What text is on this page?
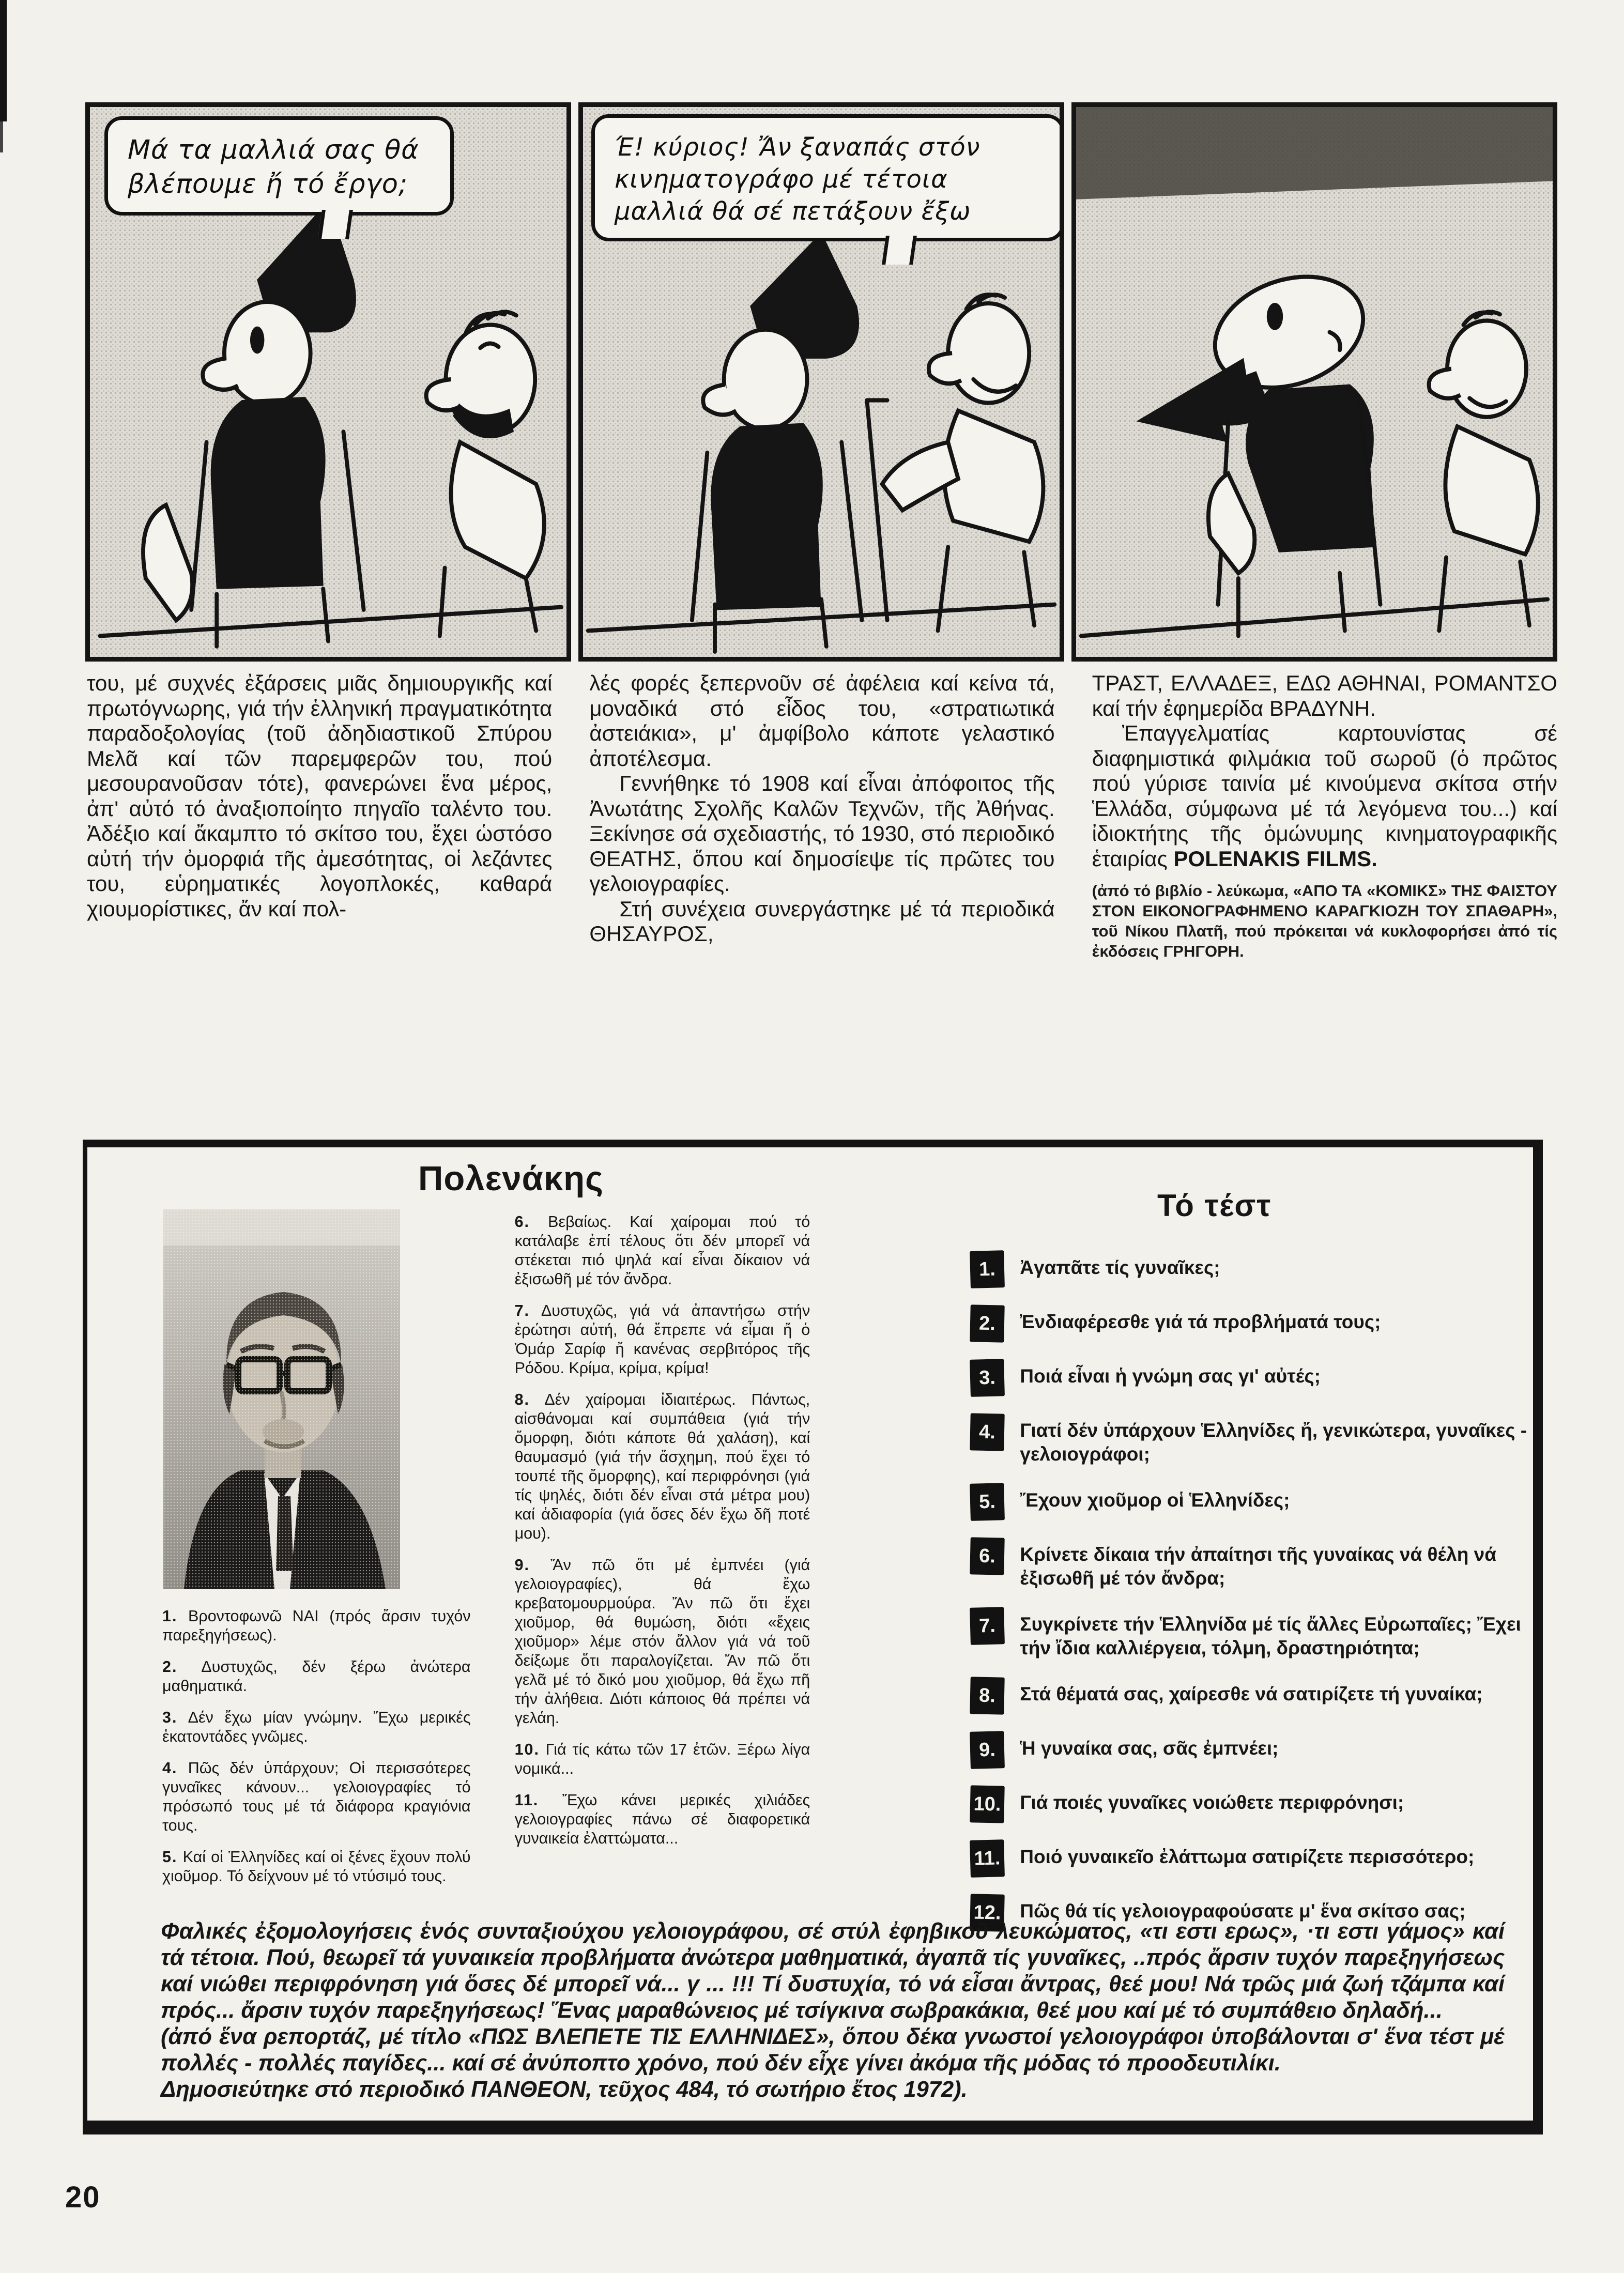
Μά τα μαλλιά σας θά βλέπουμε ἤ τό ἔργο;
Έ! κύριος! Ἄν ξαναπάς στόν κινηματογράφο μέ τέτοια μαλλιά θά σέ πετάξουν ἔξω

του, μέ συχνές ἐξάρσεις μιᾶς δημιουργικῆς καί πρωτόγνωρης, γιά τήν ἑλληνική πραγματικότητα παραδοξολογίας (τοῦ ἀδηδιαστικοῦ Σπύρου Μελᾶ καί τῶν παρεμφερῶν του, πού μεσουρανοῦσαν τότε), φανερώνει ἕνα μέρος, ἀπ' αὐτό τό ἀναξιοποίητο πηγαῖο ταλέντο του. Ἀδέξιο καί ἄκαμπτο τό σκίτσο του, ἔχει ὡστόσο αὐτή τήν ὀμορφιά τῆς ἀμεσότητας, οἱ λεζάντες του, εὑρηματικές λογοπλοκές, καθαρά χιουμορίστικες, ἄν καί πολ-

λές φορές ξεπερνοῦν σέ ἀφέλεια καί κείνα τά, μοναδικά στό εἶδος του, «στρατιωτικά ἀστειάκια», μ' ἀμφίβολο κάποτε γελαστικό ἀποτέλεσμα.

Γεννήθηκε τό 1908 καί εἶναι ἀπόφοιτος τῆς Ἀνωτάτης Σχολῆς Καλῶν Τεχνῶν, τῆς Ἀθήνας. Ξεκίνησε σά σχεδιαστής, τό 1930, στό περιοδικό ΘΕΑΤΗΣ, ὅπου καί δημοσίεψε τίς πρῶτες του γελοιογραφίες.

Στή συνέχεια συνεργάστηκε μέ τά περιοδικά ΘΗΣΑΥΡΟΣ,

ΤΡΑΣΤ, ΕΛΛΑΔΕΞ, ΕΔΩ ΑΘΗΝΑΙ, ΡΟΜΑΝΤΣΟ καί τήν ἐφημερίδα ΒΡΑΔΥΝΗ.

Ἐπαγγελματίας καρτουνίστας σέ διαφημιστικά φιλμάκια τοῦ σωροῦ (ὁ πρῶτος πού γύρισε ταινία μέ κινούμενα σκίτσα στήν Ἑλλάδα, σύμφωνα μέ τά λεγόμενα του...) καί ἰδιοκτήτης τῆς ὁμώνυμης κινηματογραφικῆς ἑταιρίας POLENAKIS FILMS.

(ἀπό τό βιβλίο - λεύκωμα, «ΑΠΟ ΤΑ «ΚΟΜΙΚΣ» ΤΗΣ ΦΑΙΣΤΟΥ ΣΤΟΝ ΕΙΚΟΝΟΓΡΑΦΗΜΕΝΟ ΚΑΡΑΓΚΙΟΖΗ ΤΟΥ ΣΠΑΘΑΡΗ», τοῦ Νίκου Πλατῆ, πού πρόκειται νά κυκλοφορήσει ἀπό τίς ἐκδόσεις ΓΡΗΓΟΡΗ.

Πολενάκης
Τό τέστ

1. Βροντοφωνῶ ΝΑΙ (πρός ἄρσιν τυχόν παρεξηγήσεως).

2. Δυστυχῶς, δέν ξέρω ἀνώτερα μαθηματικά.

3. Δέν ἔχω μίαν γνώμην. Ἔχω μερικές ἑκατοντάδες γνῶμες.

4. Πῶς δέν ὑπάρχουν; Οἱ περισσότερες γυναῖκες κάνουν... γελοιογραφίες τό πρόσωπό τους μέ τά διάφορα κραγιόνια τους.

5. Καί οἱ Ἑλληνίδες καί οἱ ξένες ἔχουν πολύ χιοῦμορ. Τό δείχνουν μέ τό ντύσιμό τους.

6. Βεβαίως. Καί χαίρομαι πού τό κατάλαβε ἐπί τέλους ὅτι δέν μπορεῖ νά στέκεται πιό ψηλά καί εἶναι δίκαιον νά ἐξισωθῆ μέ τόν ἄνδρα.

7. Δυστυχῶς, γιά νά ἀπαντήσω στήν ἐρώτησι αὐτή, θά ἔπρεπε νά εἶμαι ἤ ὁ Ὀμάρ Σαρίφ ἤ κανένας σερβιτόρος τῆς Ρόδου. Κρίμα, κρίμα, κρίμα!

8. Δέν χαίρομαι ἰδιαιτέρως. Πάντως, αἰσθάνομαι καί συμπάθεια (γιά τήν ὄμορφη, διότι κάποτε θά χαλάση), καί θαυμασμό (γιά τήν ἄσχημη, πού ἔχει τό τουπέ τῆς ὄμορφης), καί περιφρόνησι (γιά τίς ψηλές, διότι δέν εἶναι στά μέτρα μου) καί ἀδιαφορία (γιά ὅσες δέν ἔχω δῆ ποτέ μου).

9. Ἄν πῶ ὅτι μέ ἐμπνέει (γιά γελοιογραφίες), θά ἔχω κρεβατομουρμούρα. Ἄν πῶ ὅτι ἔχει χιοῦμορ, θά θυμώση, διότι «ἔχεις χιοῦμορ» λέμε στόν ἄλλον γιά νά τοῦ δείξωμε ὅτι παραλογίζεται. Ἄν πῶ ὅτι γελᾶ μέ τό δικό μου χιοῦμορ, θά ἔχω πῆ τήν ἀλήθεια. Διότι κάποιος θά πρέπει νά γελάη.

10. Γιά τίς κάτω τῶν 17 ἐτῶν. Ξέρω λίγα νομικά...

11. Ἔχω κάνει μερικές χιλιάδες γελοιογραφίες πάνω σέ διαφορετικά γυναικεία ἐλαττώματα...

1.	Ἀγαπᾶτε τίς γυναῖκες;
2.	Ἐνδιαφέρεσθε γιά τά προβλήματά τους;
3.	Ποιά εἶναι ἡ γνώμη σας γι' αὐτές;
4.	Γιατί δέν ὑπάρχουν Ἑλληνίδες ἤ, γενικώτερα, γυναῖκες - γελοιογράφοι;
5.	Ἔχουν χιοῦμορ οἱ Ἑλληνίδες;
6.	Κρίνετε δίκαια τήν ἀπαίτησι τῆς γυναίκας νά θέλη νά ἐξισωθῆ μέ τόν ἄνδρα;
7.	Συγκρίνετε τήν Ἑλληνίδα μέ τίς ἄλλες Εὐρωπαῖες; Ἔχει τήν ἴδια καλλιέργεια, τόλμη, δραστηριότητα;
8.	Στά θέματά σας, χαίρεσθε νά σατιρίζετε τή γυναίκα;
9.	Ἡ γυναίκα σας, σᾶς ἐμπνέει;
10. Γιά ποιές γυναῖκες νοιώθετε περιφρόνησι;
11. Ποιό γυναικεῖο ἐλάττωμα σατιρίζετε περισσότερο;
12. Πῶς θά τίς γελοιογραφούσατε μ' ἕνα σκίτσο σας;

Φαλικές ἐξομολογήσεις ἑνός συνταξιούχου γελοιογράφου, σέ στύλ ἐφηβικοῦ λευκώματος, «τι εστι ερως», ·τι εστι γάμος» καί τά τέτοια. Πού, θεωρεῖ τά γυναικεία προβλήματα ἀνώτερα μαθηματικά, ἀγαπᾶ τίς γυναῖκες, ..πρός ἄρσιν τυχόν παρεξηγήσεως καί νιώθει περιφρόνηση γιά ὅσες δέ μπορεῖ νά... γ ... !!! Τί δυστυχία, τό νά εἶσαι ἄντρας, θεέ μου! Νά τρῶς μιά ζωή τζάμπα καί πρός... ἄρσιν τυχόν παρεξηγήσεως! Ἕνας μαραθώνειος μέ τσίγκινα σωβρακάκια, θεέ μου καί μέ τό συμπάθειο δηλαδή...

(ἀπό ἕνα ρεπορτάζ, μέ τίτλο «ΠΩΣ ΒΛΕΠΕΤΕ ΤΙΣ ΕΛΛΗΝΙΔΕΣ», ὅπου δέκα γνωστοί γελοιογράφοι ὑποβάλονται σ' ἕνα τέστ μέ πολλές - πολλές παγίδες... καί σέ ἀνύποπτο χρόνο, πού δέν εἶχε γίνει ἀκόμα τῆς μόδας τό προοδευτιλίκι.

Δημοσιεύτηκε στό περιοδικό ΠΑΝΘΕΟΝ, τεῦχος 484, τό σωτήριο ἔτος 1972).

20
